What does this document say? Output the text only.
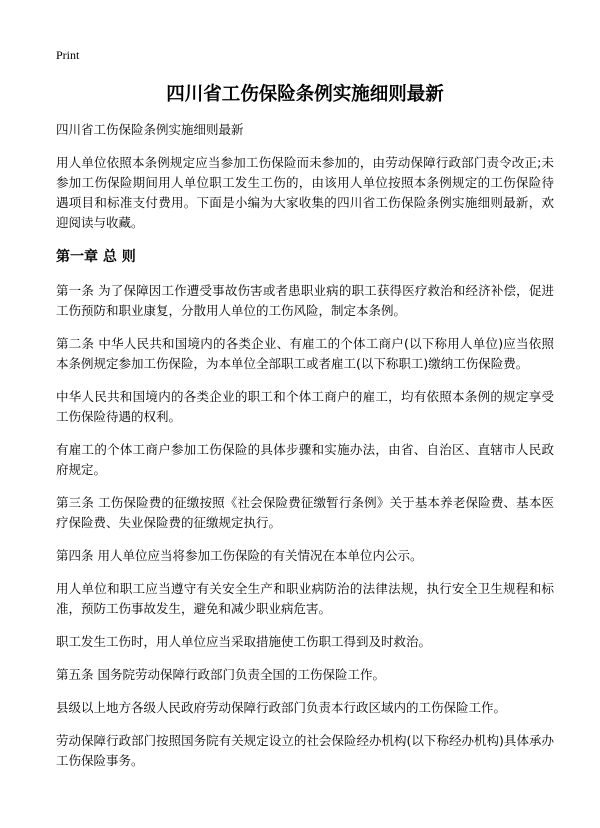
Print
四川省工伤保险条例实施细则最新
四川省工伤保险条例实施细则最新

用人单位依照本条例规定应当参加工伤保险而未参加的，由劳动保障行政部门责令改正;未参加工伤保险期间用人单位职工发生工伤的，由该用人单位按照本条例规定的工伤保险待遇项目和标准支付费用。下面是小编为大家收集的四川省工伤保险条例实施细则最新，欢迎阅读与收藏。

第一章 总 则

第一条 为了保障因工作遭受事故伤害或者患职业病的职工获得医疗救治和经济补偿，促进工伤预防和职业康复，分散用人单位的工伤风险，制定本条例。

第二条 中华人民共和国境内的各类企业、有雇工的个体工商户(以下称用人单位)应当依照本条例规定参加工伤保险，为本单位全部职工或者雇工(以下称职工)缴纳工伤保险费。

中华人民共和国境内的各类企业的职工和个体工商户的雇工，均有依照本条例的规定享受工伤保险待遇的权利。

有雇工的个体工商户参加工伤保险的具体步骤和实施办法，由省、自治区、直辖市人民政府规定。

第三条 工伤保险费的征缴按照《社会保险费征缴暂行条例》关于基本养老保险费、基本医疗保险费、失业保险费的征缴规定执行。

第四条 用人单位应当将参加工伤保险的有关情况在本单位内公示。

用人单位和职工应当遵守有关安全生产和职业病防治的法律法规，执行安全卫生规程和标准，预防工伤事故发生，避免和减少职业病危害。

职工发生工伤时，用人单位应当采取措施使工伤职工得到及时救治。

第五条 国务院劳动保障行政部门负责全国的工伤保险工作。

县级以上地方各级人民政府劳动保障行政部门负责本行政区域内的工伤保险工作。

劳动保障行政部门按照国务院有关规定设立的社会保险经办机构(以下称经办机构)具体承办工伤保险事务。
